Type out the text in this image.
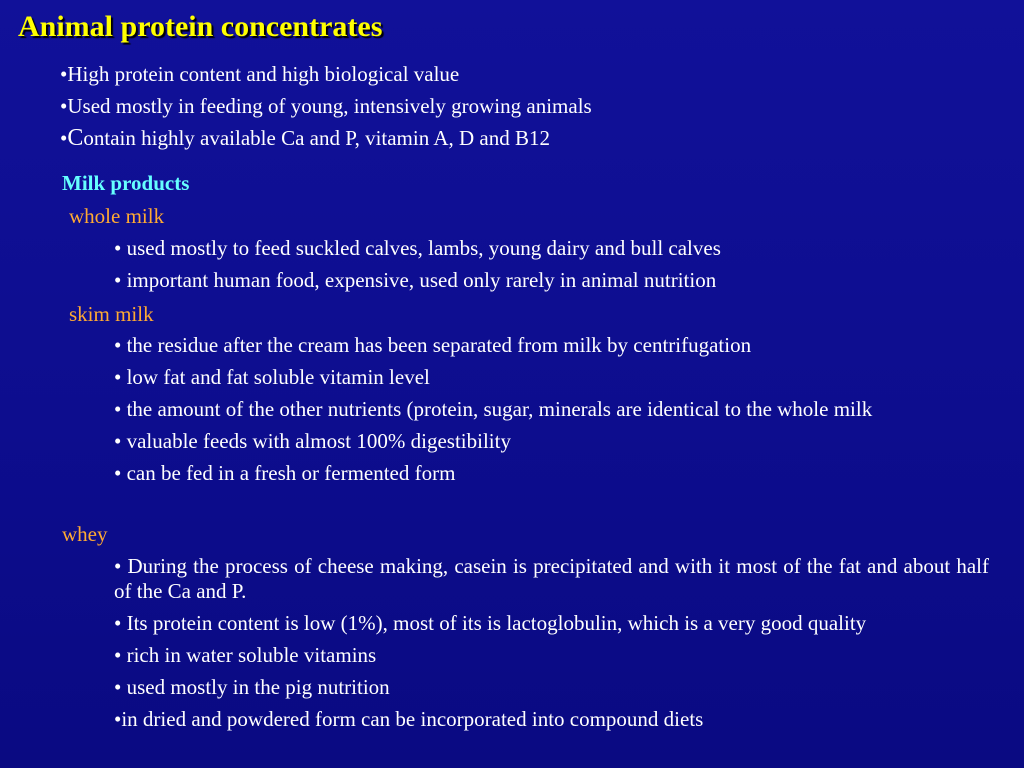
Animal protein concentrates
•High protein content and high biological value
•Used mostly in feeding of young, intensively growing animals
•Contain highly available Ca and P, vitamin A, D and B12
Milk products
whole milk
• used mostly to feed suckled calves, lambs, young dairy and bull calves
• important human food, expensive, used only rarely in animal nutrition
skim milk
• the residue after the cream has been separated from milk by centrifugation
• low fat and fat soluble vitamin level
• the amount of the other nutrients (protein, sugar, minerals are identical to the whole milk
• valuable feeds with almost 100% digestibility
• can be fed in a fresh or fermented form
whey
• During the process of cheese making, casein is precipitated and with it most of the fat and about half of the Ca and P.
• Its protein content is low (1%), most of its is lactoglobulin, which is a very good quality
• rich in water soluble vitamins
• used mostly in the pig nutrition
•in dried and powdered form can be incorporated into compound diets
